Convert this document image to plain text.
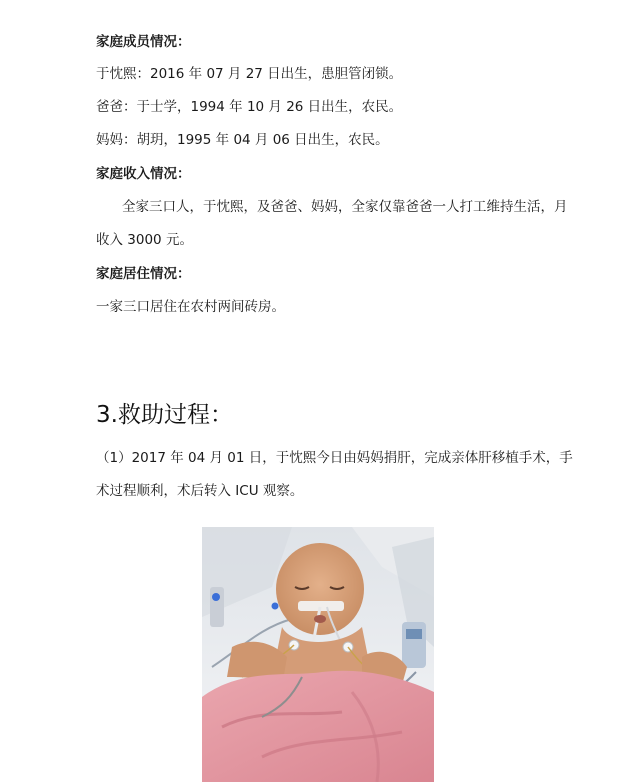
家庭成员情况：
于忱熙：2016 年 07 月 27 日出生，患胆管闭锁。
爸爸：于士学，1994 年 10 月 26 日出生，农民。
妈妈：胡玥，1995 年 04 月 06 日出生，农民。
家庭收入情况：
全家三口人，于忱熙，及爸爸、妈妈，全家仅靠爸爸一人打工维持生活，月
收入 3000 元。
家庭居住情况：
一家三口居住在农村两间砖房。
3.救助过程：
（1）2017 年 04 月 01 日，于忱熙今日由妈妈捐肝，完成亲体肝移植手术，手
术过程顺利，术后转入 ICU 观察。
